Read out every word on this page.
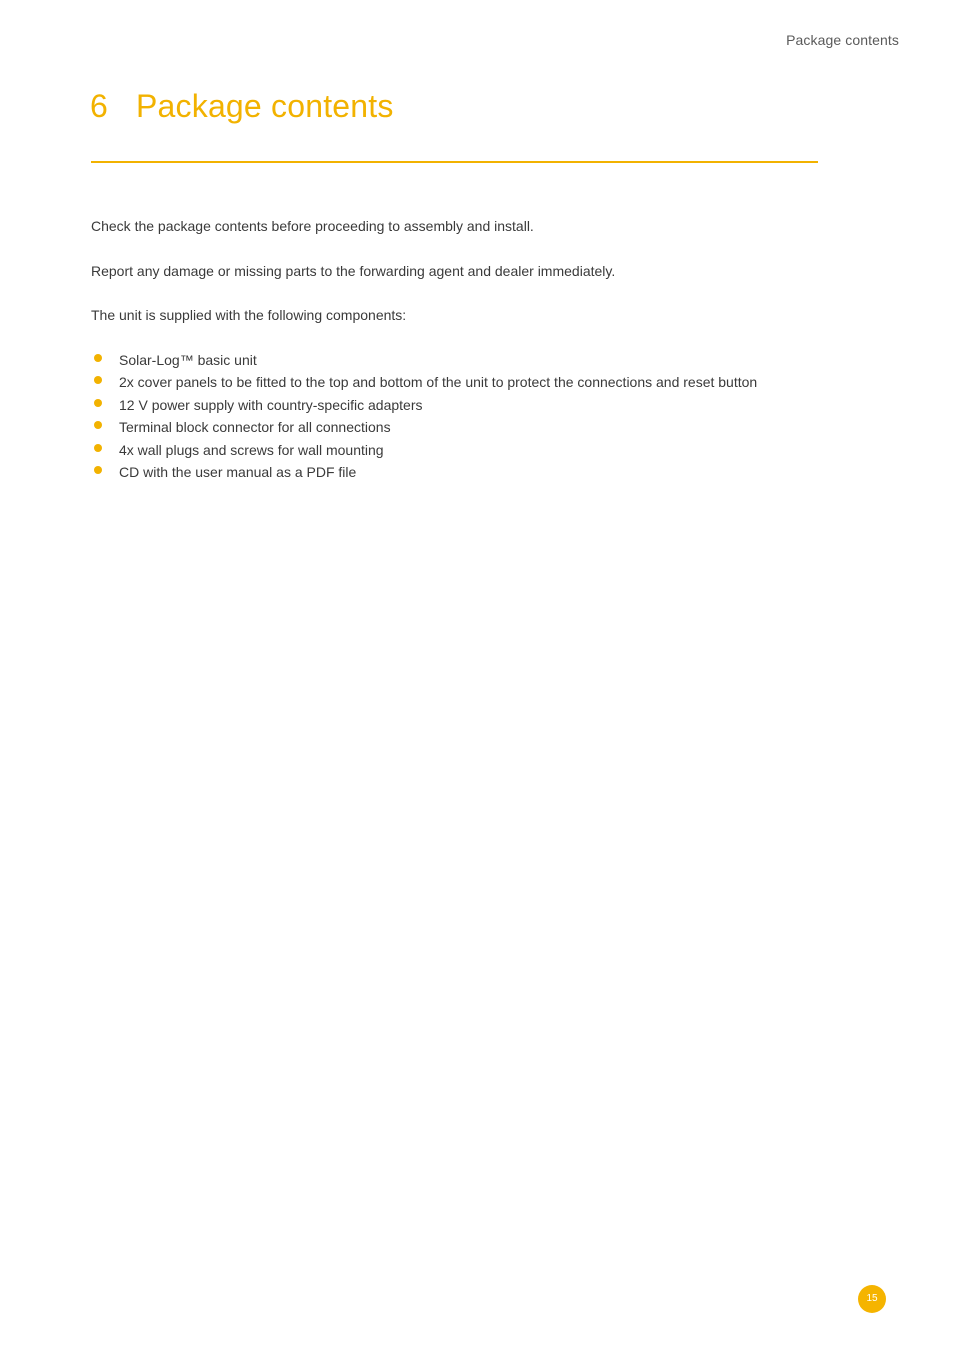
Package contents
6 Package contents

Check the package contents before proceeding to assembly and install.

Report any damage or missing parts to the forwarding agent and dealer immediately.

The unit is supplied with the following components:

Solar-Log™ basic unit
2x cover panels to be fitted to the top and bottom of the unit to protect the connections and reset button
12 V power supply with country-specific adapters
Terminal block connector for all connections
4x wall plugs and screws for wall mounting
CD with the user manual as a PDF file
15
